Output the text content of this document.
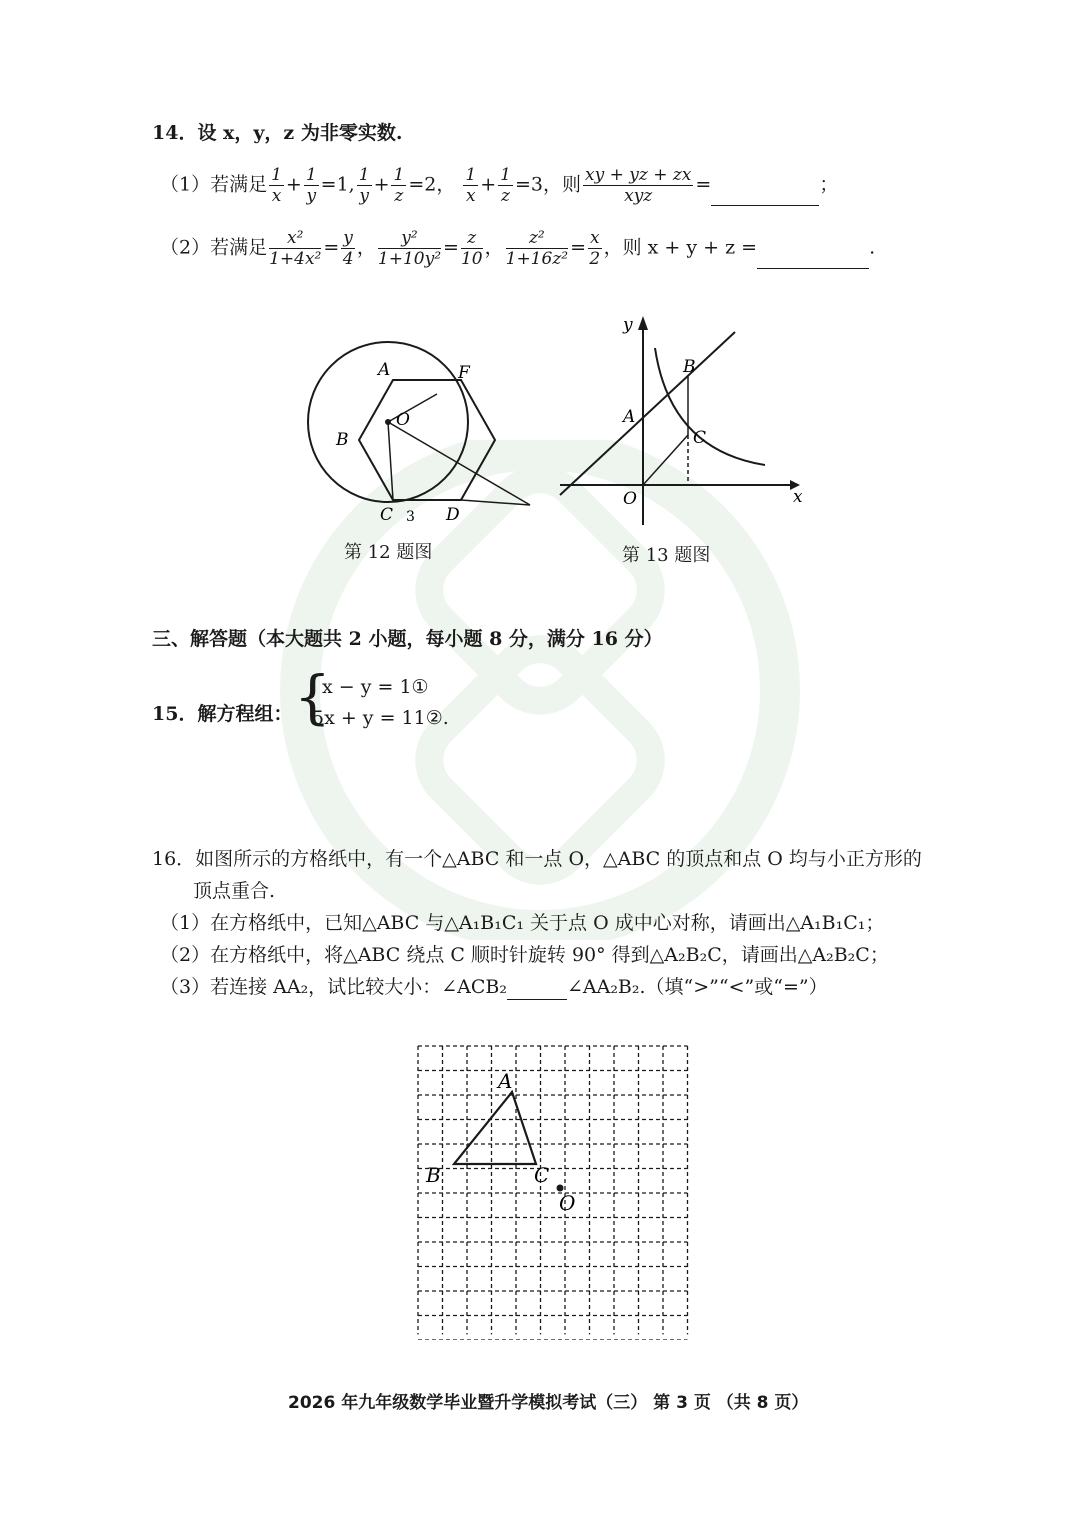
14．设 x，y，z 为非零实数.
（1）若满足 $\frac{1}{x} + \frac{1}{y} =1$, $\frac{1}{y} + \frac{1}{z} =2$， $\frac{1}{x} + \frac{1}{z} =3$，则 $\frac{xy + yz + zx}{\text{xyz}}$ =	；
（2）若满足 $\frac{\text{x²}}{\text{1+4x²}} = \frac{y}{4}$ ， $\frac{\text{y²}}{\text{1+10y²}} = \frac{z}{10}$ ， $\frac{\text{z²}}{\text{1+16z²}} = \frac{x}{2}$ ，则 x + y + z =	.
A	F
B
O
C 3 D
第 12 题图
y
x
A
B
C
O
第 13 题图
三、解答题（本大题共 2 小题，每小题 8 分，满分 16 分）
15．解方程组： {
x − y = 1①
5x + y = 11②.
16．如图所示的方格纸中，有一个△ABC 和一点 O，△ABC 的顶点和点 O 均与小正方形的
顶点重合.
（1）在方格纸中，已知△ABC 与△A₁B₁C₁ 关于点 O 成中心对称，请画出△A₁B₁C₁；
（2）在方格纸中，将△ABC 绕点 C 顺时针旋转 90° 得到△A₂B₂C，请画出△A₂B₂C；
（3）若连接 AA₂，试比较大小：∠ACB₂	∠AA₂B₂.（填“>”“<”或“=”）
A
B	C
O
2026 年九年级数学毕业暨升学模拟考试（三） 第 3 页 （共 8 页）
